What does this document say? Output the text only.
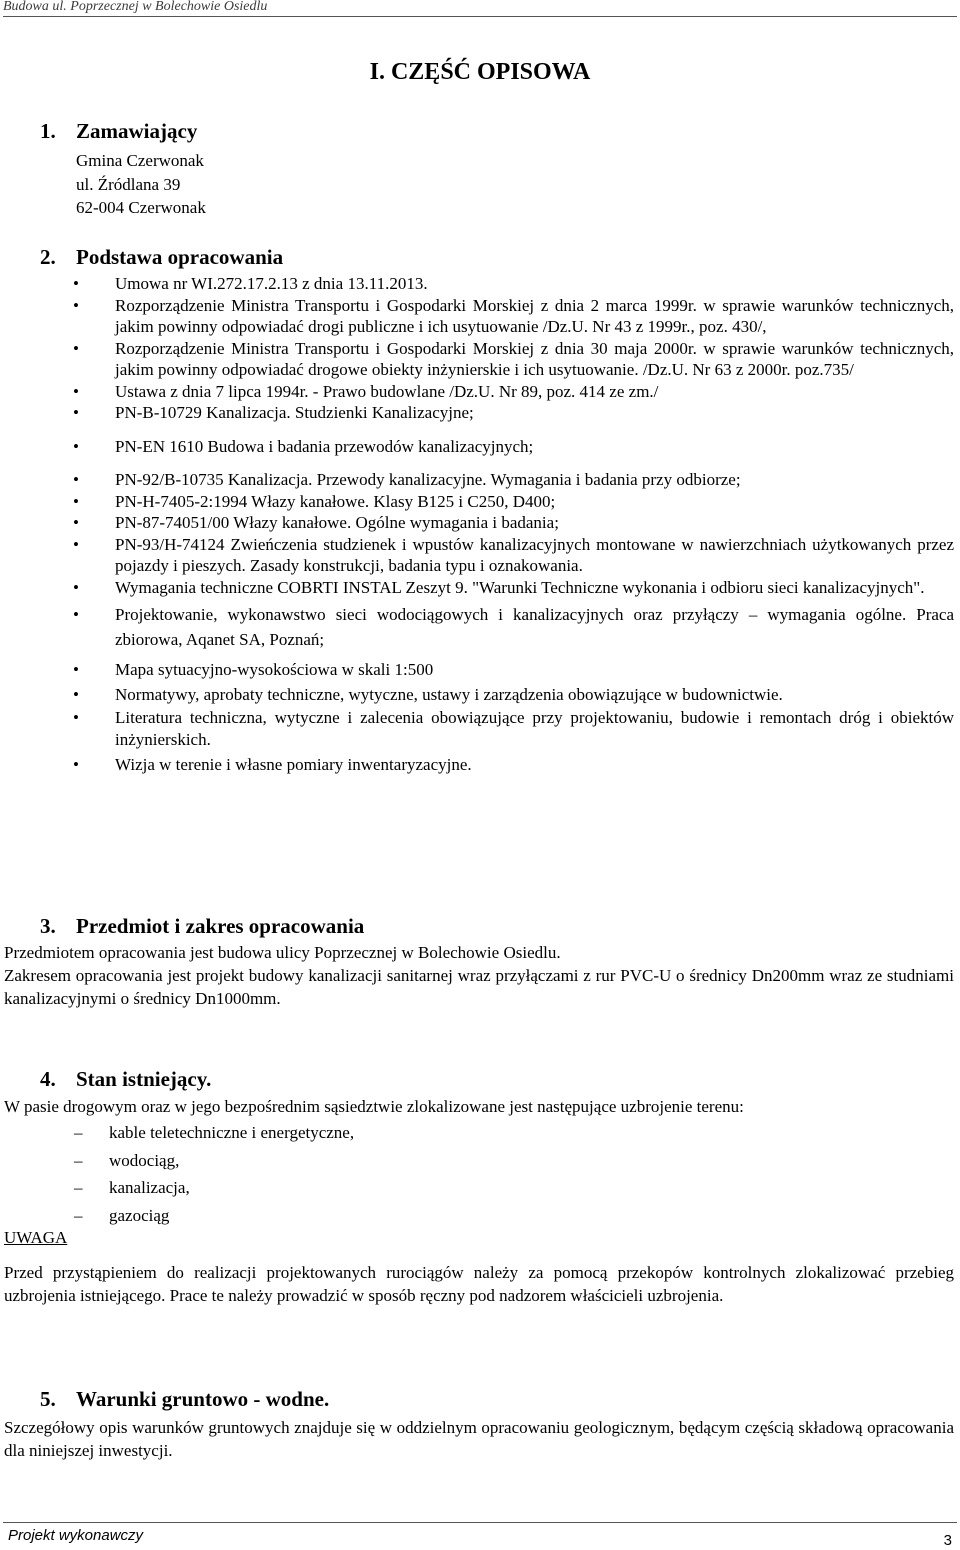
Budowa ul. Poprzecznej w Bolechowie Osiedlu
I. CZĘŚĆ OPISOWA
1. Zamawiający
Gmina Czerwonak
ul. Źródlana 39
62-004 Czerwonak
2. Podstawa opracowania
• Umowa nr WI.272.17.2.13 z dnia 13.11.2013.
• Rozporządzenie Ministra Transportu i Gospodarki Morskiej z dnia 2 marca 1999r. w sprawie warunków technicznych, jakim powinny odpowiadać drogi publiczne i ich usytuowanie /Dz.U. Nr 43 z 1999r., poz. 430/,
• Rozporządzenie Ministra Transportu i Gospodarki Morskiej z dnia 30 maja 2000r. w sprawie warunków technicznych, jakim powinny odpowiadać drogowe obiekty inżynierskie i ich usytuowanie. /Dz.U. Nr 63 z 2000r. poz.735/
• Ustawa z dnia 7 lipca 1994r. - Prawo budowlane /Dz.U. Nr 89, poz. 414 ze zm./
• PN-B-10729 Kanalizacja. Studzienki Kanalizacyjne;
• PN-EN 1610 Budowa i badania przewodów kanalizacyjnych;
• PN-92/B-10735 Kanalizacja. Przewody kanalizacyjne. Wymagania i badania przy odbiorze;
• PN-H-7405-2:1994 Włazy kanałowe. Klasy B125 i C250, D400;
• PN-87-74051/00 Włazy kanałowe. Ogólne wymagania i badania;
• PN-93/H-74124 Zwieńczenia studzienek i wpustów kanalizacyjnych montowane w nawierzchniach użytkowanych przez pojazdy i pieszych. Zasady konstrukcji, badania typu i oznakowania.
• Wymagania techniczne COBRTI INSTAL Zeszyt 9. "Warunki Techniczne wykonania i odbioru sieci kanalizacyjnych".
• Projektowanie, wykonawstwo sieci wodociągowych i kanalizacyjnych oraz przyłączy – wymagania ogólne. Praca zbiorowa, Aqanet SA, Poznań;
• Mapa sytuacyjno-wysokościowa w skali 1:500
• Normatywy, aprobaty techniczne, wytyczne, ustawy i zarządzenia obowiązujące w budownictwie.
• Literatura techniczna, wytyczne i zalecenia obowiązujące przy projektowaniu, budowie i remontach dróg i obiektów inżynierskich.
• Wizja w terenie i własne pomiary inwentaryzacyjne.
3. Przedmiot i zakres opracowania

Przedmiotem opracowania jest budowa ulicy Poprzecznej w Bolechowie Osiedlu.

Zakresem opracowania jest projekt budowy kanalizacji sanitarnej wraz przyłączami z rur PVC-U o średnicy Dn200mm wraz ze studniami kanalizacyjnymi o średnicy Dn1000mm.

4. Stan istniejący.

W pasie drogowym oraz w jego bezpośrednim sąsiedztwie zlokalizowane jest następujące uzbrojenie terenu:

– kable teletechniczne i energetyczne,
– wodociąg,
– kanalizacja,
– gazociąg
UWAGA

Przed przystąpieniem do realizacji projektowanych rurociągów należy za pomocą przekopów kontrolnych zlokalizować przebieg uzbrojenia istniejącego. Prace te należy prowadzić w sposób ręczny pod nadzorem właścicieli uzbrojenia.

5. Warunki gruntowo - wodne.

Szczegółowy opis warunków gruntowych znajduje się w oddzielnym opracowaniu geologicznym, będącym częścią składową opracowania dla niniejszej inwestycji.

Projekt wykonawczy	3
